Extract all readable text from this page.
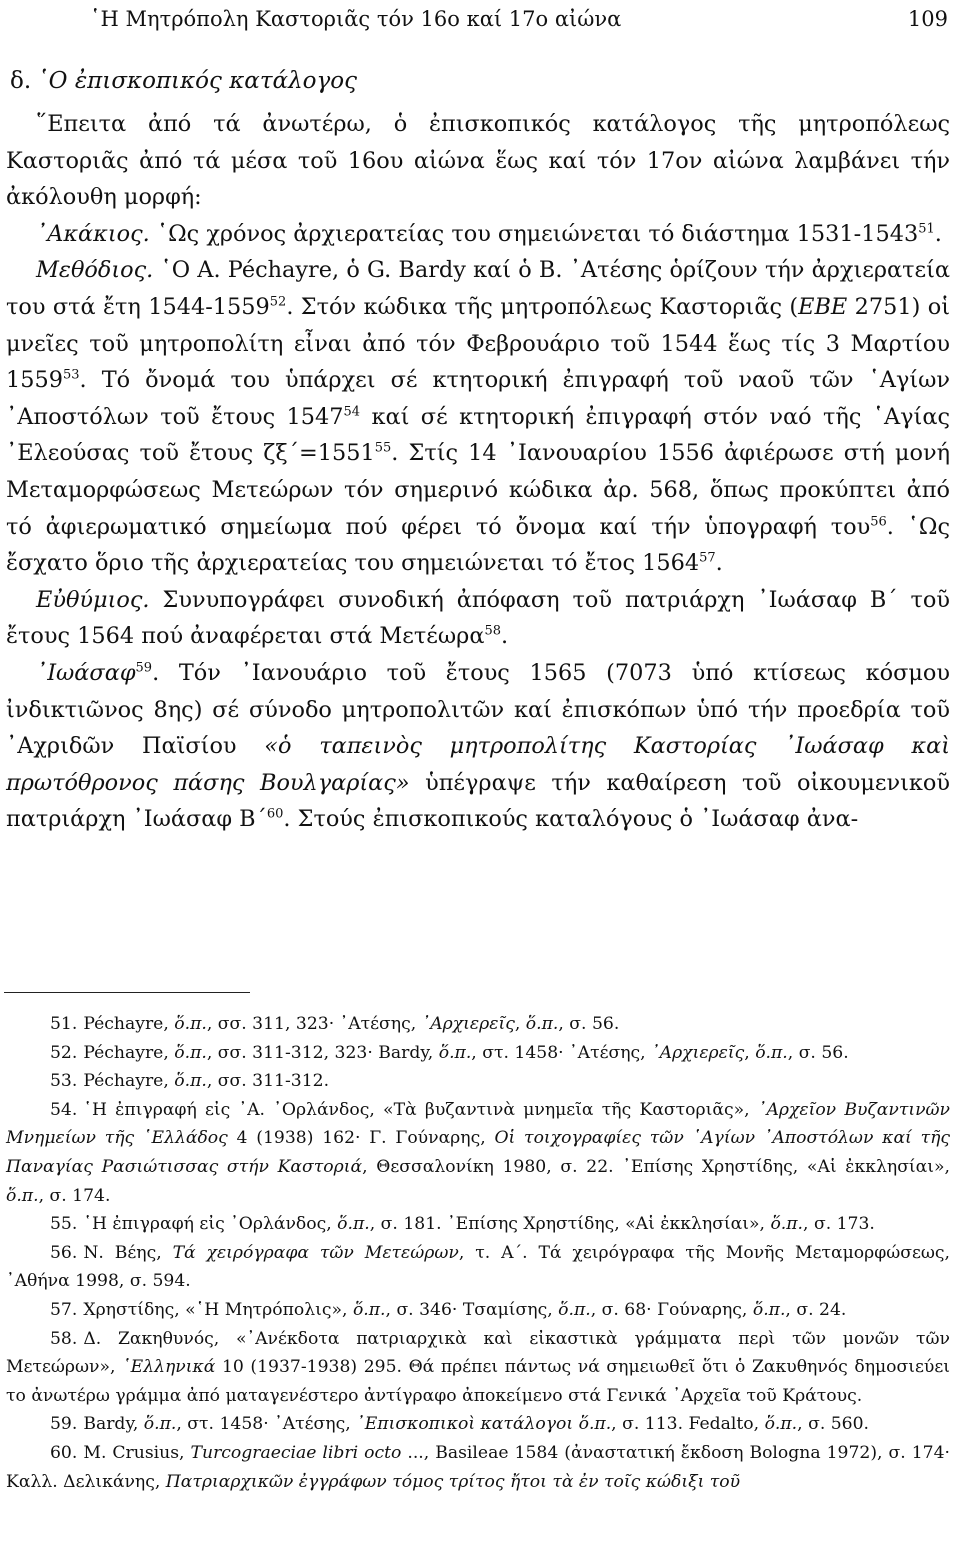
῾Η Μητρόπολη Καστοριᾶς τόν 16ο καί 17ο αἰώνα	109
δ. ῾Ο ἐπισκοπικός κατάλογος

῞Επειτα ἀπό τά ἀνωτέρω, ὁ ἐπισκοπικός κατάλογος τῆς μητροπόλεως Καστοριᾶς ἀπό τά μέσα τοῦ 16ου αἰώνα ἕως καί τόν 17ον αἰώνα λαμβάνει τήν ἀκόλουθη μορφή:

᾽Ακάκιος. ῾Ως χρόνος ἀρχιερατείας του σημειώνεται τό διάστημα 1531-1543$^{51}$.

Μεθόδιος. ῾Ο A. Péchayre, ὁ G. Bardy καί ὁ Β. ᾽Ατέσης ὁρίζουν τήν ἀρχιερατεία του στά ἔτη 1544-1559$^{52}$. Στόν κώδικα τῆς μητροπόλεως Καστοριᾶς (ΕΒΕ 2751) οἱ μνεῖες τοῦ μητροπολίτη εἶναι ἀπό τόν Φεβρουάριο τοῦ 1544 ἕως τίς 3 Μαρτίου 1559$^{53}$. Τό ὄνομά του ὑπάρχει σέ κτητορική ἐπιγραφή τοῦ ναοῦ τῶν ῾Αγίων ᾽Αποστόλων τοῦ ἔτους 1547$^{54}$ καί σέ κτητορική ἐπιγραφή στόν ναό τῆς ῾Αγίας ᾽Ελεούσας τοῦ ἔτους $\zeta\xi΄=1551^{55}$. Στίς 14 ᾽Ιανουαρίου 1556 ἀφιέρωσε στή μονή Μεταμορφώσεως Μετεώρων τόν σημερινό κώδικα ἀρ. 568, ὅπως προκύπτει ἀπό τό ἀφιερωματικό σημείωμα πού φέρει τό ὄνομα καί τήν ὑπογραφή του$^{56}$. ῾Ως ἔσχατο ὅριο τῆς ἀρχιερατείας του σημειώνεται τό ἔτος 1564$^{57}$.

Εὐθύμιος. Συνυπογράφει συνοδική ἀπόφαση τοῦ πατριάρχη ᾽Ιωάσαφ Β΄ τοῦ ἔτους 1564 πού ἀναφέρεται στά Μετέωρα$^{58}$.

᾽Ιωάσαφ$^{59}$. Τόν ᾽Ιανουάριο τοῦ ἔτους 1565 (7073 ὑπό κτίσεως κόσμου ἰνδικτιῶνος 8ης) σέ σύνοδο μητροπολιτῶν καί ἐπισκόπων ὑπό τήν προεδρία τοῦ ᾽Αχριδῶν Παϊσίου «ὁ ταπεινὸς μητροπολίτης Καστορίας ᾽Ιωάσαφ καὶ πρωτόθρονος πάσης Βουλγαρίας» ὑπέγραψε τήν καθαίρεση τοῦ οἰκουμενικοῦ πατριάρχη ᾽Ιωάσαφ Β΄$^{60}$. Στούς ἐπισκοπικούς καταλόγους ὁ ᾽Ιωάσαφ ἀνα-

51. Péchayre, ὅ.π., σσ. 311, 323· ᾽Ατέσης, ᾽Αρχιερεῖς, ὅ.π., σ. 56.

52. Péchayre, ὅ.π., σσ. 311-312, 323· Bardy, ὅ.π., στ. 1458· ᾽Ατέσης, ᾽Αρχιερεῖς, ὅ.π., σ. 56.

53. Péchayre, ὅ.π., σσ. 311-312.

54. ῾Η ἐπιγραφή εἰς ᾽Α. ᾽Ορλάνδος, «Τὰ βυζαντινὰ μνημεῖα τῆς Καστοριᾶς», ᾽Αρχεῖον Βυζαντινῶν Μνημείων τῆς ῾Ελλάδος 4 (1938) 162· Γ. Γούναρης, Οἱ τοιχογραφίες τῶν ῾Αγίων ᾽Αποστόλων καί τῆς Παναγίας Ρασιώτισσας στήν Καστοριά, Θεσσαλονίκη 1980, σ. 22. ᾽Επίσης Χρηστίδης, «Αἱ ἐκκλησίαι», ὅ.π., σ. 174.

55. ῾Η ἐπιγραφή εἰς ᾽Ορλάνδος, ὅ.π., σ. 181. ᾽Επίσης Χρηστίδης, «Αἱ ἐκκλησίαι», ὅ.π., σ. 173.

56. Ν. Βέης, Τά χειρόγραφα τῶν Μετεώρων, τ. Α΄. Τά χειρόγραφα τῆς Μονῆς Μεταμορφώσεως, ᾽Αθήνα 1998, σ. 594.

57. Χρηστίδης, «῾Η Μητρόπολις», ὅ.π., σ. 346· Τσαμίσης, ὅ.π., σ. 68· Γούναρης, ὅ.π., σ. 24.

58. Δ. Ζακηθυνός, «᾽Ανέκδοτα πατριαρχικὰ καὶ εἰκαστικὰ γράμματα περὶ τῶν μονῶν τῶν Μετεώρων», ῾Ελληνικά 10 (1937-1938) 295. Θά πρέπει πάντως νά σημειωθεῖ ὅτι ὁ Ζακυθηνός δημοσιεύει το ἀνωτέρω γράμμα ἀπό ματαγενέστερο ἀντίγραφο ἀποκείμενο στά Γενικά ᾽Αρχεῖα τοῦ Κράτους.

59. Bardy, ὅ.π., στ. 1458· ᾽Ατέσης, ᾽Επισκοπικοὶ κατάλογοι ὅ.π., σ. 113. Fedalto, ὅ.π., σ. 560.

60. M. Crusius, Turcograeciae libri octo ..., Basileae 1584 (ἀναστατική ἔκδοση Bologna 1972), σ. 174· Καλλ. Δελικάνης, Πατριαρχικῶν ἐγγράφων τόμος τρίτος ἤτοι τὰ ἐν τοῖς κώδιξι τοῦ
